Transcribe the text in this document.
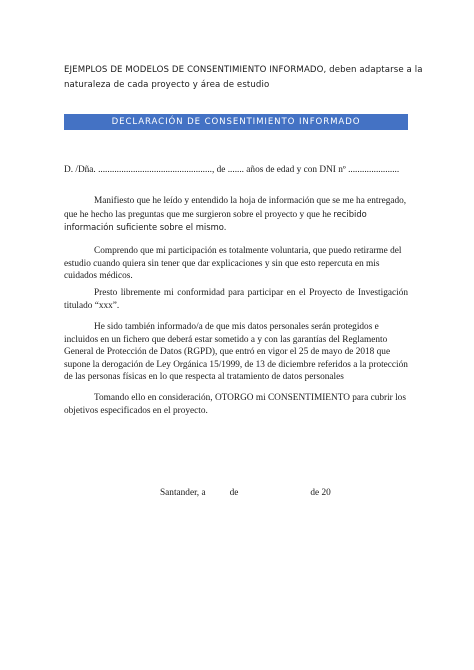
EJEMPLOS DE MODELOS DE CONSENTIMIENTO INFORMADO, deben adaptarse a la
naturaleza de cada proyecto y área de estudio
DECLARACIÓN DE CONSENTIMIENTO INFORMADO
D. /Dña. ................................................., de ....... años de edad y con DNI nº ......................
Manifiesto que he leído y entendido la hoja de información que se me ha entregado, que he hecho las preguntas que me surgieron sobre el proyecto y que he recibido información suficiente sobre el mismo.
Comprendo que mi participación es totalmente voluntaria, que puedo retirarme del estudio cuando quiera sin tener que dar explicaciones y sin que esto repercuta en mis cuidados médicos.
Presto libremente mi conformidad para participar en el Proyecto de Investigación titulado “xxx”.
He sido también informado/a de que mis datos personales serán protegidos e incluidos en un fichero que deberá estar sometido a y con las garantías del Reglamento General de Protección de Datos (RGPD), que entró en vigor el 25 de mayo de 2018 que supone la derogación de Ley Orgánica 15/1999, de 13 de diciembre referidos a la protección de las personas físicas en lo que respecta al tratamiento de datos personales
Tomando ello en consideración, OTORGO mi CONSENTIMIENTO para cubrir los objetivos especificados en el proyecto.
Santander, a	de	de 20
